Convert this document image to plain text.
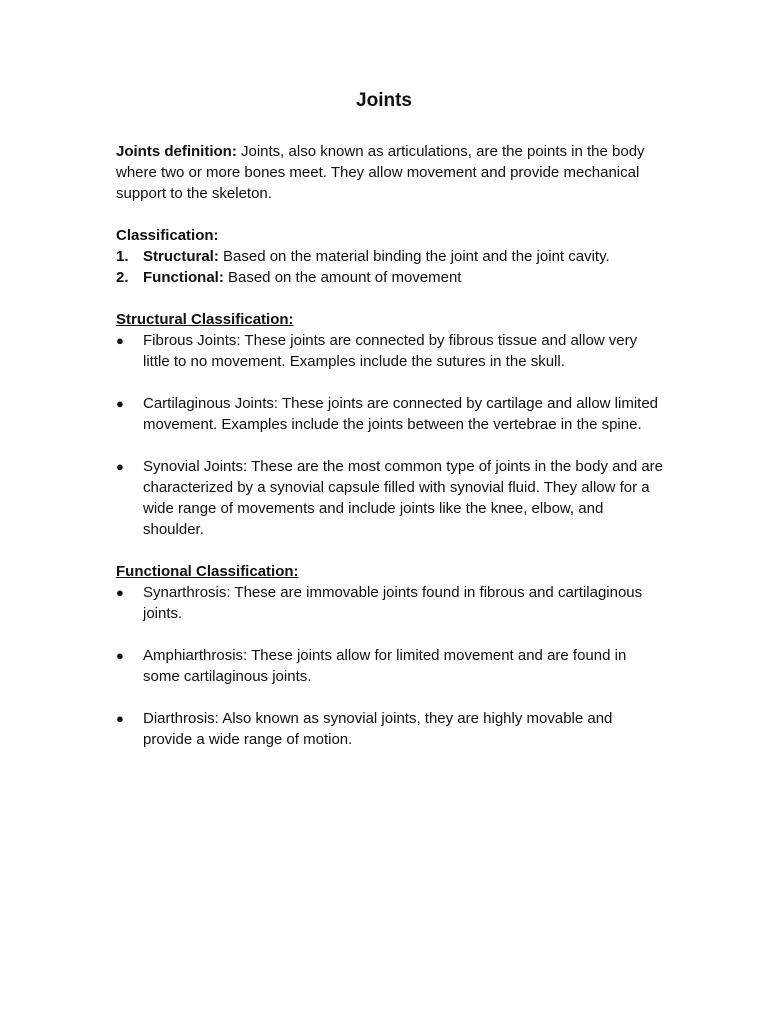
Joints

Joints definition: Joints, also known as articulations, are the points in the body where two or more bones meet. They allow movement and provide mechanical support to the skeleton.

Classification:

1. Structural: Based on the material binding the joint and the joint cavity.
2. Functional: Based on the amount of movement

Structural Classification:

● Fibrous Joints: These joints are connected by fibrous tissue and allow very little to no movement. Examples include the sutures in the skull.
● Cartilaginous Joints: These joints are connected by cartilage and allow limited movement. Examples include the joints between the vertebrae in the spine.
● Synovial Joints: These are the most common type of joints in the body and are characterized by a synovial capsule filled with synovial fluid. They allow for a wide range of movements and include joints like the knee, elbow, and shoulder.

Functional Classification:

● Synarthrosis: These are immovable joints found in fibrous and cartilaginous joints.
● Amphiarthrosis: These joints allow for limited movement and are found in some cartilaginous joints.
● Diarthrosis: Also known as synovial joints, they are highly movable and provide a wide range of motion.
